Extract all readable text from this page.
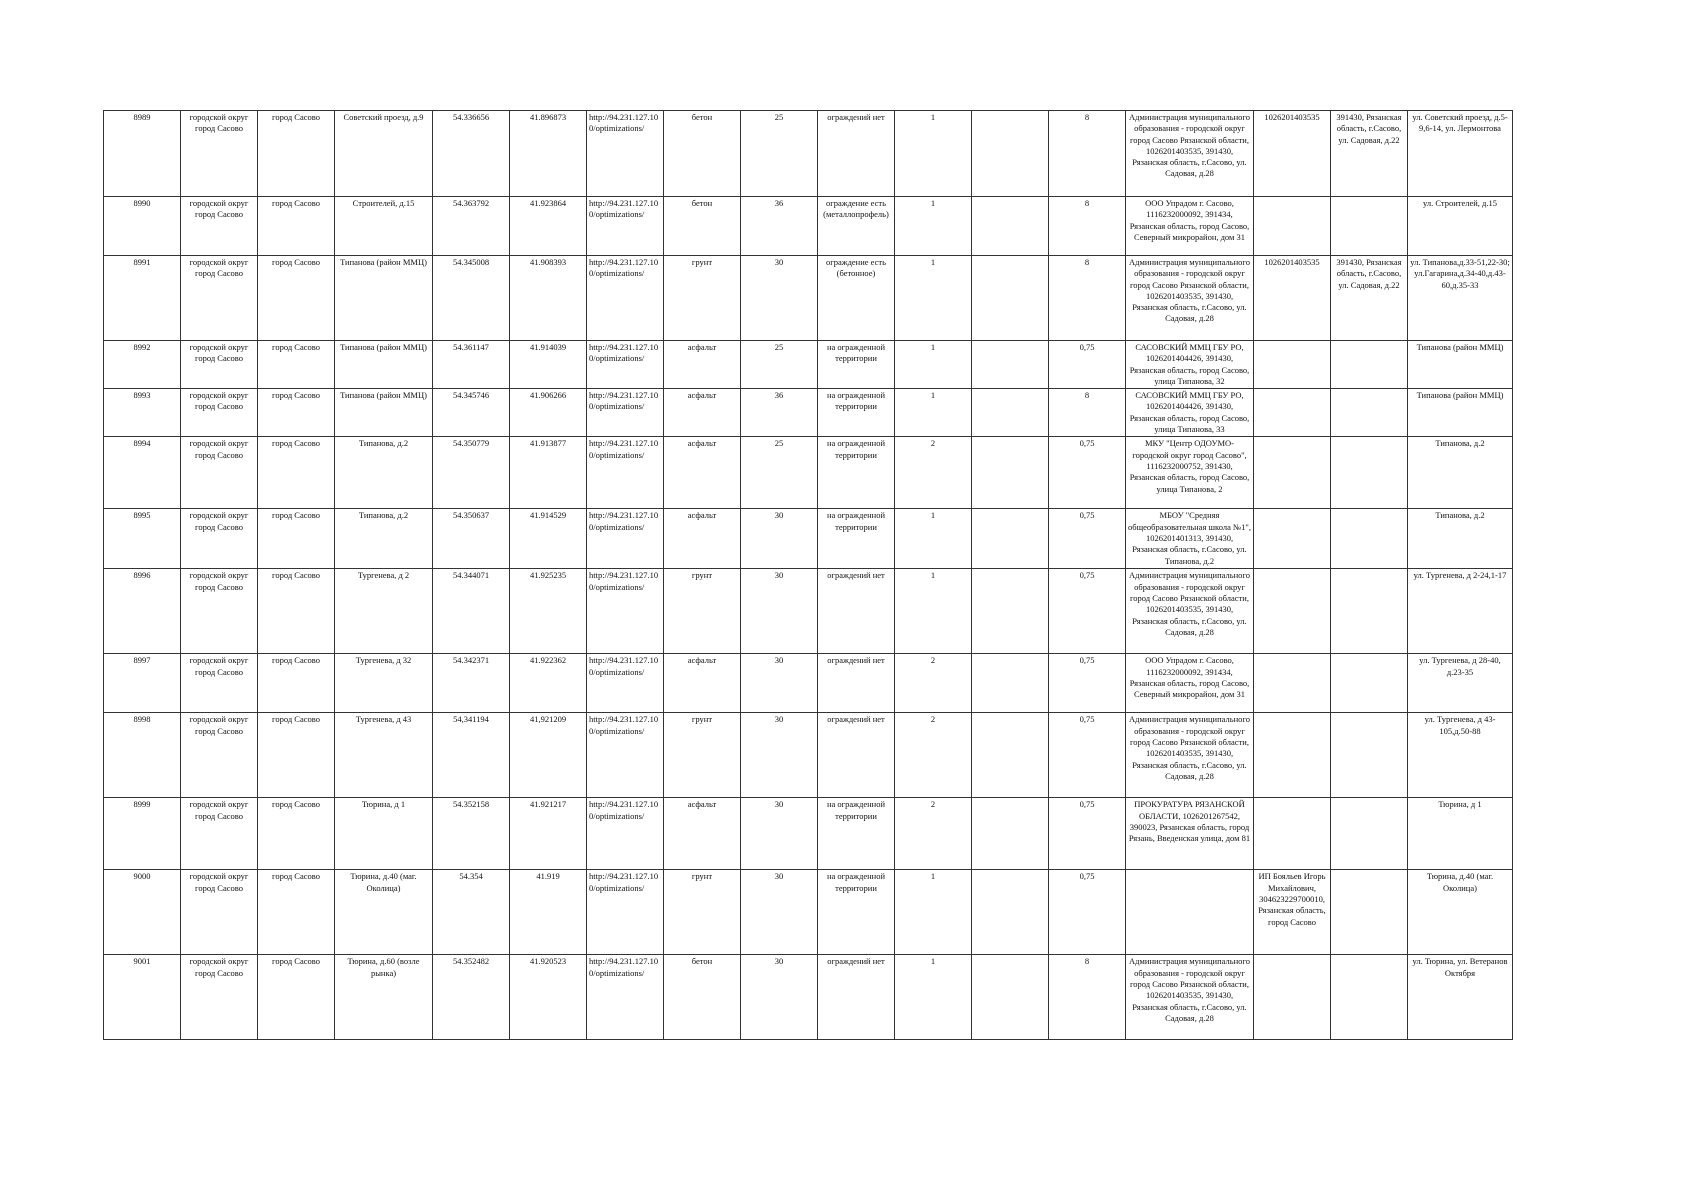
8989	городской округ город Сасово	город Сасово	Советский проезд, д.9	54.336656	41.896873	http://94.231.127.10 0/optimizations/	бетон	25	ограждений нет	1		8	Администрация муниципального образования - городской округ город Сасово Рязанской области, 1026201403535, 391430, Рязанская область, г.Сасово, ул. Садовая, д.28	1026201403535	391430, Рязанская область, г.Сасово, ул. Садовая, д.22	ул. Советский проезд, д.5-9,6-14, ул. Лермонтова
8990	городской округ город Сасово	город Сасово	Строителей, д.15	54.363792	41.923864	http://94.231.127.10 0/optimizations/	бетон	36	ограждение есть (металлопрофель)	1		8	ООО Упрадом г. Сасово, 1116232000092, 391434, Рязанская область, город Сасово, Северный микрорайон, дом 31			ул. Строителей, д.15
8991	городской округ город Сасово	город Сасово	Типанова (район ММЦ)	54.345008	41.908393	http://94.231.127.10 0/optimizations/	грунт	30	ограждение есть (бетонное)	1		8	Администрация муниципального образования - городской округ город Сасово Рязанской области, 1026201403535, 391430, Рязанская область, г.Сасово, ул. Садовая, д.28	1026201403535	391430, Рязанская область, г.Сасово, ул. Садовая, д.22	ул. Типанова,д.33-51,22-30; ул.Гагарина,д.34-40,д.43-60,д.35-33
8992	городской округ город Сасово	город Сасово	Типанова (район ММЦ)	54.361147	41.914039	http://94.231.127.10 0/optimizations/	асфальт	25	на огражденной территории	1		0,75	САСОВСКИЙ ММЦ ГБУ РО, 1026201404426, 391430, Рязанская область, город Сасово, улица Типанова, 32			Типанова (район ММЦ)
8993	городской округ город Сасово	город Сасово	Типанова (район ММЦ)	54.345746	41.906266	http://94.231.127.10 0/optimizations/	асфальт	36	на огражденной территории	1		8	САСОВСКИЙ ММЦ ГБУ РО, 1026201404426, 391430, Рязанская область, город Сасово, улица Типанова, 33			Типанова (район ММЦ)
8994	городской округ город Сасово	город Сасово	Типанова, д.2	54.350779	41.913877	http://94.231.127.10 0/optimizations/	асфальт	25	на огражденной территории	2		0,75	МКУ "Центр ОДОУМО-городской округ город Сасово", 1116232000752, 391430, Рязанская область, город Сасово, улица Типанова, 2			Типанова, д.2
8995	городской округ город Сасово	город Сасово	Типанова, д.2	54.350637	41.914529	http://94.231.127.10 0/optimizations/	асфальт	30	на огражденной территории	1		0,75	МБОУ "Средняя общеобразовательная школа №1", 1026201401313, 391430, Рязанская область, г.Сасово, ул. Типанова, д.2			Типанова, д.2
8996	городской округ город Сасово	город Сасово	Тургенева, д 2	54.344071	41.925235	http://94.231.127.10 0/optimizations/	грунт	30	ограждений нет	1		0,75	Администрация муниципального образования - городской округ город Сасово Рязанской области, 1026201403535, 391430, Рязанская область, г.Сасово, ул. Садовая, д.28			ул. Тургенева, д 2-24,1-17
8997	городской округ город Сасово	город Сасово	Тургенева, д 32	54.342371	41.922362	http://94.231.127.10 0/optimizations/	асфальт	30	ограждений нет	2		0,75	ООО Упрадом г. Сасово, 1116232000092, 391434, Рязанская область, город Сасово, Северный микрорайон, дом 31			ул. Тургенева, д 28-40, д.23-35
8998	городской округ город Сасово	город Сасово	Тургенева, д 43	54,341194	41,921209	http://94.231.127.10 0/optimizations/	грунт	30	ограждений нет	2		0,75	Администрация муниципального образования - городской округ город Сасово Рязанской области, 1026201403535, 391430, Рязанская область, г.Сасово, ул. Садовая, д.28			ул. Тургенева, д 43-105,д.50-88
8999	городской округ город Сасово	город Сасово	Тюрина, д 1	54.352158	41.921217	http://94.231.127.10 0/optimizations/	асфальт	30	на огражденной территории	2		0,75	ПРОКУРАТУРА РЯЗАНСКОЙ ОБЛАСТИ, 1026201267542, 390023, Рязанская область, город Рязань, Введенская улица, дом 81			Тюрина, д 1
9000	городской округ город Сасово	город Сасово	Тюрина, д.40 (маг. Околица)	54.354	41.919	http://94.231.127.10 0/optimizations/	грунт	30	на огражденной территории	1		0,75		ИП Бояльев Игорь Михайлович, 304623229700010, Рязанская область, город Сасово		Тюрина, д.40 (маг. Околица)
9001	городской округ город Сасово	город Сасово	Тюрина, д.60 (возле рынка)	54.352482	41.920523	http://94.231.127.10 0/optimizations/	бетон	30	ограждений нет	1		8	Администрация муниципального образования - городской округ город Сасово Рязанской области, 1026201403535, 391430, Рязанская область, г.Сасово, ул. Садовая, д.28			ул. Тюрина, ул. Ветеранов Октября
